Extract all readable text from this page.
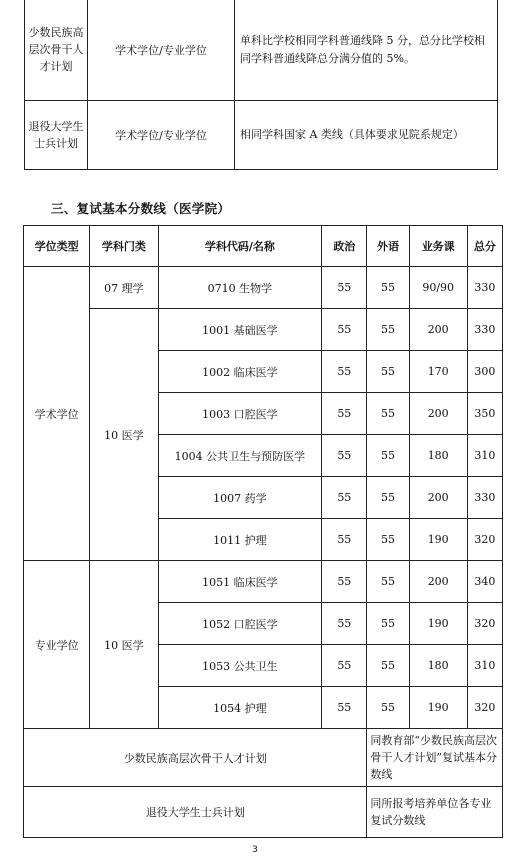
少数民族高层次骨干人才计划	学术学位/专业学位	单科比学校相同学科普通线降 5 分，总分比学校相同学科普通线降总分满分值的 5%。
退役大学生士兵计划	学术学位/专业学位	相同学科国家 A 类线（具体要求见院系规定）
三、复试基本分数线（医学院）
学位类型	学科门类	学科代码/名称	政治	外语	业务课	总分
学术学位	07 理学	0710 生物学	55	55	90/90	330
	10 医学	1001 基础医学	55	55	200	330
		1002 临床医学	55	55	170	300
		1003 口腔医学	55	55	200	350
		1004 公共卫生与预防医学	55	55	180	310
		1007 药学	55	55	200	330
		1011 护理	55	55	190	320
专业学位	10 医学	1051 临床医学	55	55	200	340
		1052 口腔医学	55	55	190	320
		1053 公共卫生	55	55	180	310
		1054 护理	55	55	190	320
少数民族高层次骨干人才计划				同教育部“少数民族高层次骨干人才计划”复试基本分数线		
退役大学生士兵计划				同所报考培养单位各专业复试分数线		
3
